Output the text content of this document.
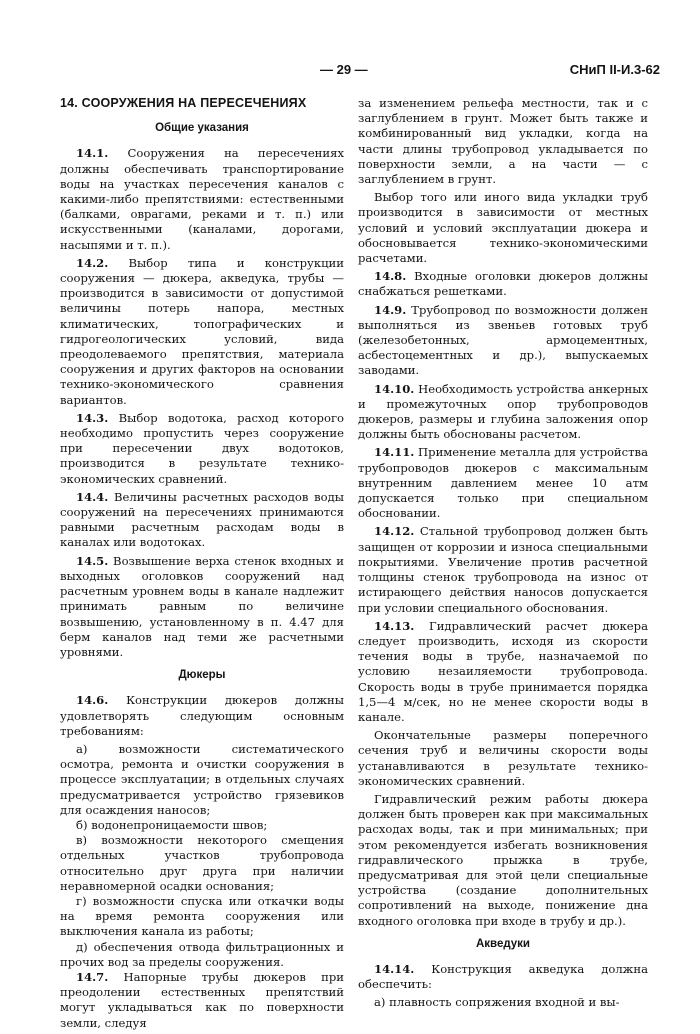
— 29 —	СНиП II-И.3-62
14. СООРУЖЕНИЯ НА ПЕРЕСЕЧЕНИЯХ
Общие указания

14.1. Сооружения на пересечениях должны обеспечивать транспортирование воды на участках пересечения каналов с какими-либо препятствиями: естественными (балками, оврагами, реками и т. п.) или искусственными (каналами, дорогами, насыпями и т. п.).

14.2. Выбор типа и конструкции сооружения — дюкера, акведука, трубы — производится в зависимости от допустимой величины потерь напора, местных климатических, топографических и гидрогеологических условий, вида преодолеваемого препятствия, материала сооружения и других факторов на основании технико-экономического сравнения вариантов.

14.3. Выбор водотока, расход которого необходимо пропустить через сооружение при пересечении двух водотоков, производится в результате технико-экономических сравнений.

14.4. Величины расчетных расходов воды сооружений на пересечениях принимаются равными расчетным расходам воды в каналах или водотоках.

14.5. Возвышение верха стенок входных и выходных оголовков сооружений над расчетным уровнем воды в канале надлежит принимать равным по величине возвышению, установленному в п. 4.47 для берм каналов над теми же расчетными уровнями.

Дюкеры

14.6. Конструкции дюкеров должны удовлетворять следующим основным требованиям:

а) возможности систематического осмотра, ремонта и очистки сооружения в процессе эксплуатации; в отдельных случаях предусматривается устройство грязевиков для осаждения наносов;

б) водонепроницаемости швов;

в) возможности некоторого смещения отдельных участков трубопровода относительно друг друга при наличии неравномерной осадки основания;

г) возможности спуска или откачки воды на время ремонта сооружения или выключения канала из работы;

д) обеспечения отвода фильтрационных и прочих вод за пределы сооружения.

14.7. Напорные трубы дюкеров при преодолении естественных препятствий могут укладываться как по поверхности земли, следуя

за изменением рельефа местности, так и с заглублением в грунт. Может быть также и комбинированный вид укладки, когда на части длины трубопровод укладывается по поверхности земли, а на части — с заглублением в грунт.

Выбор того или иного вида укладки труб производится в зависимости от местных условий и условий эксплуатации дюкера и обосновывается технико-экономическими расчетами.

14.8. Входные оголовки дюкеров должны снабжаться решетками.

14.9. Трубопровод по возможности должен выполняться из звеньев готовых труб (железобетонных, армоцементных, асбестоцементных и др.), выпускаемых заводами.

14.10. Необходимость устройства анкерных и промежуточных опор трубопроводов дюкеров, размеры и глубина заложения опор должны быть обоснованы расчетом.

14.11. Применение металла для устройства трубопроводов дюкеров с максимальным внутренним давлением менее 10 атм допускается только при специальном обосновании.

14.12. Стальной трубопровод должен быть защищен от коррозии и износа специальными покрытиями. Увеличение против расчетной толщины стенок трубопровода на износ от истирающего действия наносов допускается при условии специального обоснования.

14.13. Гидравлический расчет дюкера следует производить, исходя из скорости течения воды в трубе, назначаемой по условию незаиляемости трубопровода. Скорость воды в трубе принимается порядка 1,5—4 м/сек, но не менее скорости воды в канале.

Окончательные размеры поперечного сечения труб и величины скорости воды устанавливаются в результате технико-экономических сравнений.

Гидравлический режим работы дюкера должен быть проверен как при максимальных расходах воды, так и при минимальных; при этом рекомендуется избегать возникновения гидравлического прыжка в трубе, предусматривая для этой цели специальные устройства (создание дополнительных сопротивлений на выходе, понижение дна входного оголовка при входе в трубу и др.).

Акведуки

14.14. Конструкция акведука должна обеспечить:

а) плавность сопряжения входной и вы-
